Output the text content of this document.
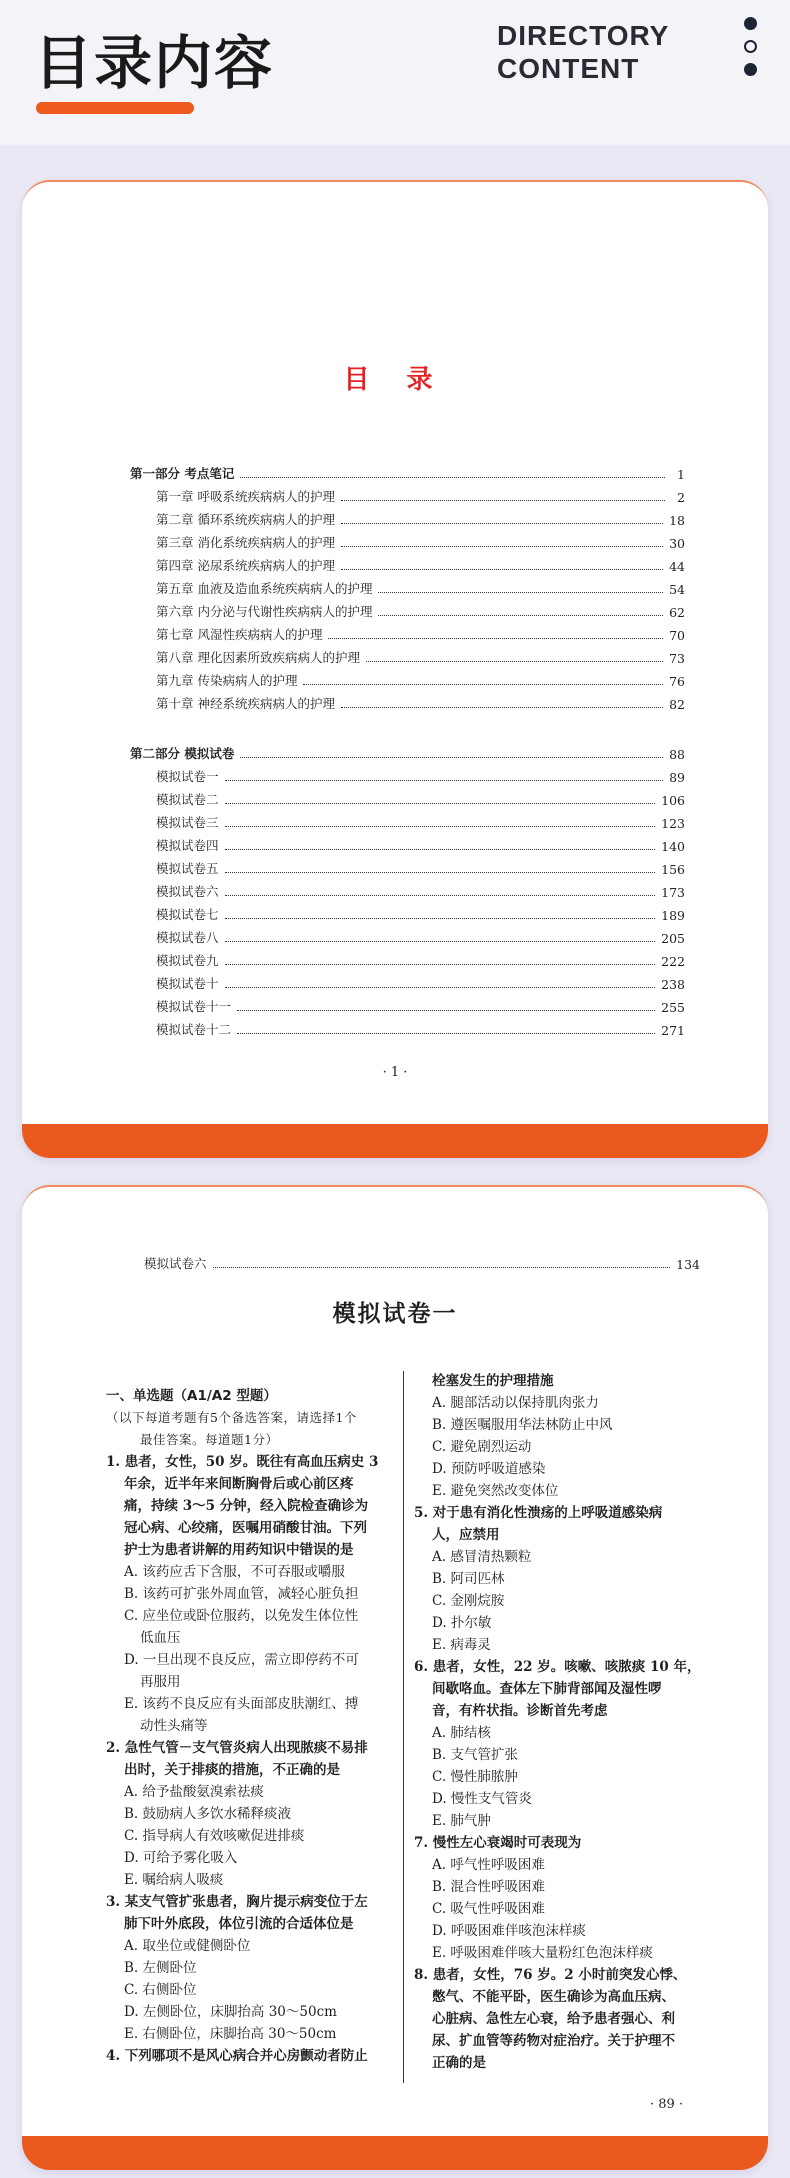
目录内容	DIRECTORY
CONTENT
目 录
第一部分 考点笔记	1
第一章 呼吸系统疾病病人的护理	2
第二章 循环系统疾病病人的护理	18
第三章 消化系统疾病病人的护理	30
第四章 泌尿系统疾病病人的护理	44
第五章 血液及造血系统疾病病人的护理	54
第六章 内分泌与代谢性疾病病人的护理	62
第七章 风湿性疾病病人的护理	70
第八章 理化因素所致疾病病人的护理	73
第九章 传染病病人的护理	76
第十章 神经系统疾病病人的护理	82
第二部分 模拟试卷	88
模拟试卷一	89
模拟试卷二	106
模拟试卷三	123
模拟试卷四	140
模拟试卷五	156
模拟试卷六	173
模拟试卷七	189
模拟试卷八	205
模拟试卷九	222
模拟试卷十	238
模拟试卷十一	255
模拟试卷十二	271
· 1 ·
模拟试卷六	134
模拟试卷一
一、单选题（A1/A2 型题）
（以下每道考题有5个备选答案，请选择1个
最佳答案。每道题1分）
1. 患者，女性，50 岁。既往有高血压病史 3
年余，近半年来间断胸骨后或心前区疼
痛，持续 3～5 分钟，经入院检查确诊为
冠心病、心绞痛，医嘱用硝酸甘油。下列
护士为患者讲解的用药知识中错误的是
A. 该药应舌下含服，不可吞服或嚼服
B. 该药可扩张外周血管，减轻心脏负担
C. 应坐位或卧位服药，以免发生体位性
低血压
D. 一旦出现不良反应，需立即停药不可
再服用
E. 该药不良反应有头面部皮肤潮红、搏
动性头痛等
2. 急性气管－支气管炎病人出现脓痰不易排
出时，关于排痰的措施，不正确的是
A. 给予盐酸氨溴索祛痰
B. 鼓励病人多饮水稀释痰液
C. 指导病人有效咳嗽促进排痰
D. 可给予雾化吸入
E. 嘱给病人吸痰
3. 某支气管扩张患者，胸片提示病变位于左
肺下叶外底段，体位引流的合适体位是
A. 取坐位或健侧卧位
B. 左侧卧位
C. 右侧卧位
D. 左侧卧位，床脚抬高 30～50cm
E. 右侧卧位，床脚抬高 30～50cm
4. 下列哪项不是风心病合并心房颤动者防止
栓塞发生的护理措施
A. 腿部活动以保持肌肉张力
B. 遵医嘱服用华法林防止中风
C. 避免剧烈运动
D. 预防呼吸道感染
E. 避免突然改变体位
5. 对于患有消化性溃疡的上呼吸道感染病
人，应禁用
A. 感冒清热颗粒
B. 阿司匹林
C. 金刚烷胺
D. 扑尔敏
E. 病毒灵
6. 患者，女性，22 岁。咳嗽、咳脓痰 10 年，
间歇咯血。查体左下肺背部闻及湿性啰
音，有杵状指。诊断首先考虑
A. 肺结核
B. 支气管扩张
C. 慢性肺脓肿
D. 慢性支气管炎
E. 肺气肿
7. 慢性左心衰竭时可表现为
A. 呼气性呼吸困难
B. 混合性呼吸困难
C. 吸气性呼吸困难
D. 呼吸困难伴咳泡沫样痰
E. 呼吸困难伴咳大量粉红色泡沫样痰
8. 患者，女性，76 岁。2 小时前突发心悸、
憋气、不能平卧，医生确诊为高血压病、
心脏病、急性左心衰，给予患者强心、利
尿、扩血管等药物对症治疗。关于护理不
正确的是
· 89 ·
